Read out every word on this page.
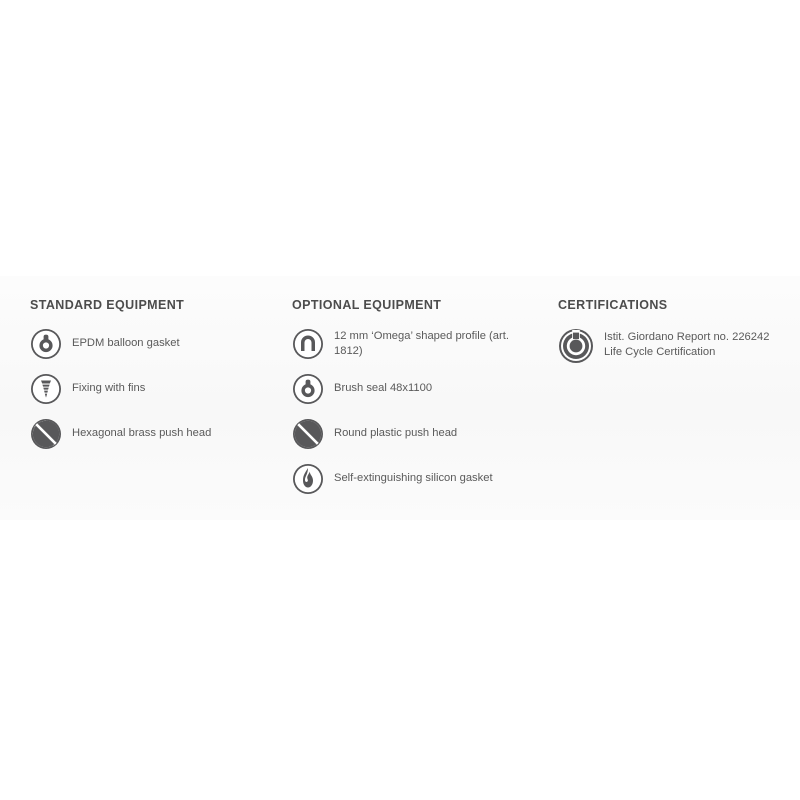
STANDARD EQUIPMENT
EPDM balloon gasket
Fixing with fins
Hexagonal brass push head
OPTIONAL EQUIPMENT
12 mm ‘Omega’ shaped profile (art. 1812)
Brush seal 48x1100
Round plastic push head
Self-extinguishing silicon gasket
CERTIFICATIONS
Istit. Giordano Report no. 226242 Life Cycle Certification
